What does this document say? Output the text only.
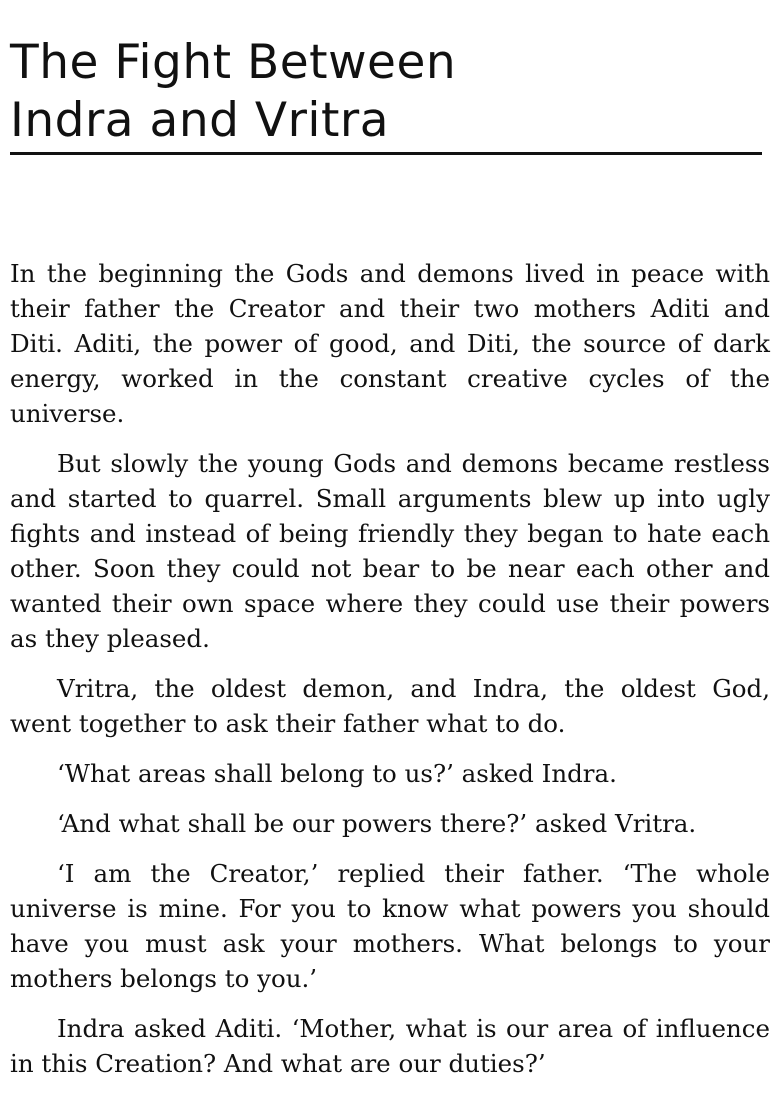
The Fight Between
Indra and Vritra

In the beginning the Gods and demons lived in peace with their father the Creator and their two mothers Aditi and Diti. Aditi, the power of good, and Diti, the source of dark energy, worked in the constant creative cycles of the universe.

But slowly the young Gods and demons became restless and started to quarrel. Small arguments blew up into ugly fights and instead of being friendly they began to hate each other. Soon they could not bear to be near each other and wanted their own space where they could use their powers as they pleased.

Vritra, the oldest demon, and Indra, the oldest God, went together to ask their father what to do.

‘What areas shall belong to us?’ asked Indra.

‘And what shall be our powers there?’ asked Vritra.

‘I am the Creator,’ replied their father. ‘The whole universe is mine. For you to know what powers you should have you must ask your mothers. What belongs to your mothers belongs to you.’

Indra asked Aditi. ‘Mother, what is our area of influence in this Creation? And what are our duties?’
